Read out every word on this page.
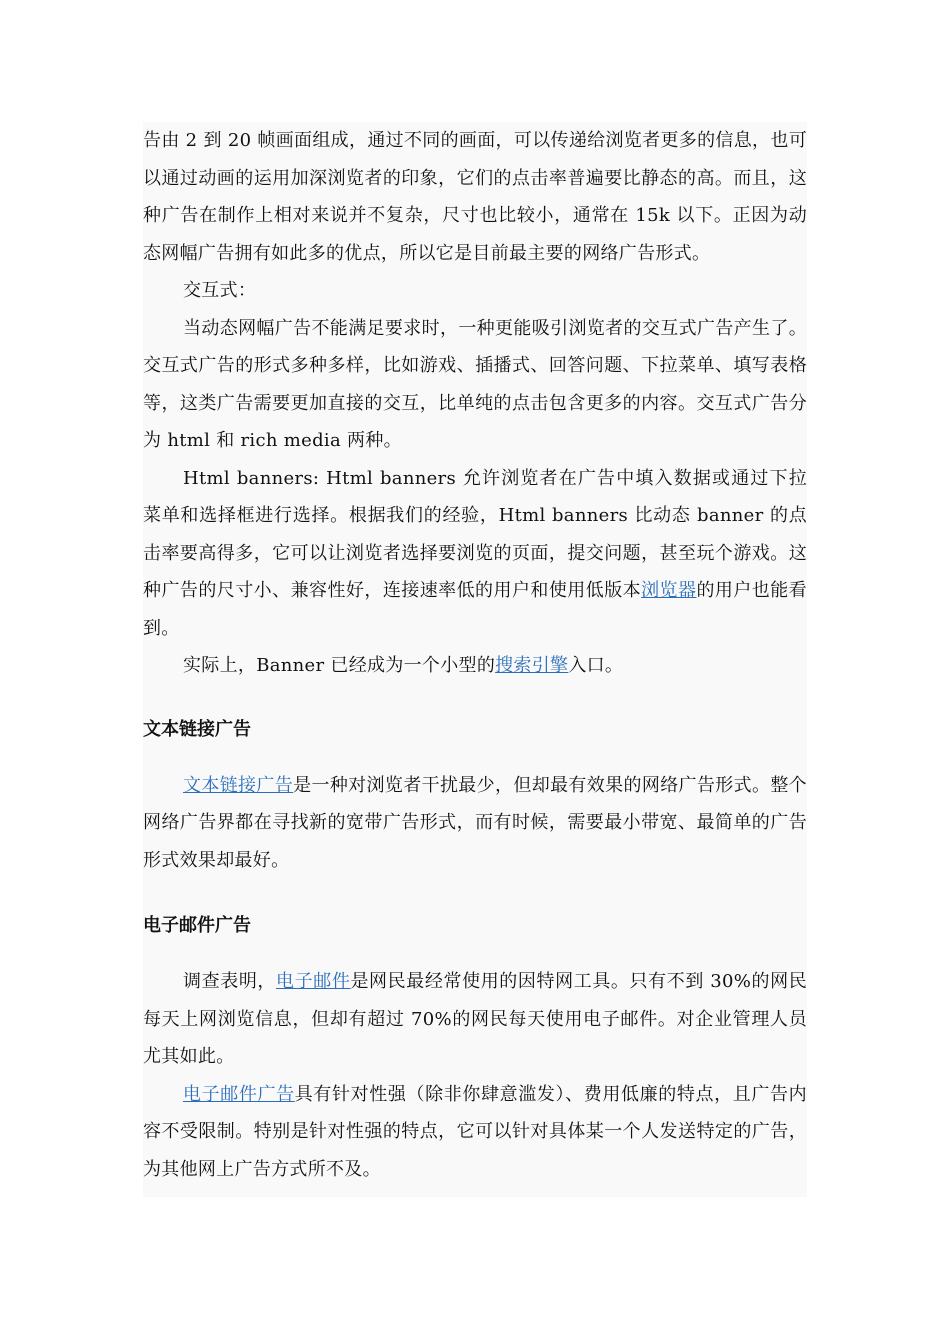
告由 2 到 20 帧画面组成，通过不同的画面，可以传递给浏览者更多的信息，也可以通过动画的运用加深浏览者的印象，它们的点击率普遍要比静态的高。而且，这种广告在制作上相对来说并不复杂，尺寸也比较小，通常在 15k 以下。正因为动态网幅广告拥有如此多的优点，所以它是目前最主要的网络广告形式。

交互式：

当动态网幅广告不能满足要求时，一种更能吸引浏览者的交互式广告产生了。交互式广告的形式多种多样，比如游戏、插播式、回答问题、下拉菜单、填写表格等，这类广告需要更加直接的交互，比单纯的点击包含更多的内容。交互式广告分为 html 和 rich media 两种。

Html banners: Html banners 允许浏览者在广告中填入数据或通过下拉菜单和选择框进行选择。根据我们的经验，Html banners 比动态 banner 的点击率要高得多，它可以让浏览者选择要浏览的页面，提交问题，甚至玩个游戏。这种广告的尺寸小、兼容性好，连接速率低的用户和使用低版本浏览器的用户也能看到。

实际上，Banner 已经成为一个小型的搜索引擎入口。

文本链接广告

文本链接广告是一种对浏览者干扰最少，但却最有效果的网络广告形式。整个网络广告界都在寻找新的宽带广告形式，而有时候，需要最小带宽、最简单的广告形式效果却最好。

电子邮件广告

调查表明，电子邮件是网民最经常使用的因特网工具。只有不到 30%的网民每天上网浏览信息，但却有超过 70%的网民每天使用电子邮件。对企业管理人员尤其如此。

电子邮件广告具有针对性强（除非你肆意滥发）、费用低廉的特点，且广告内容不受限制。特别是针对性强的特点，它可以针对具体某一个人发送特定的广告，为其他网上广告方式所不及。
